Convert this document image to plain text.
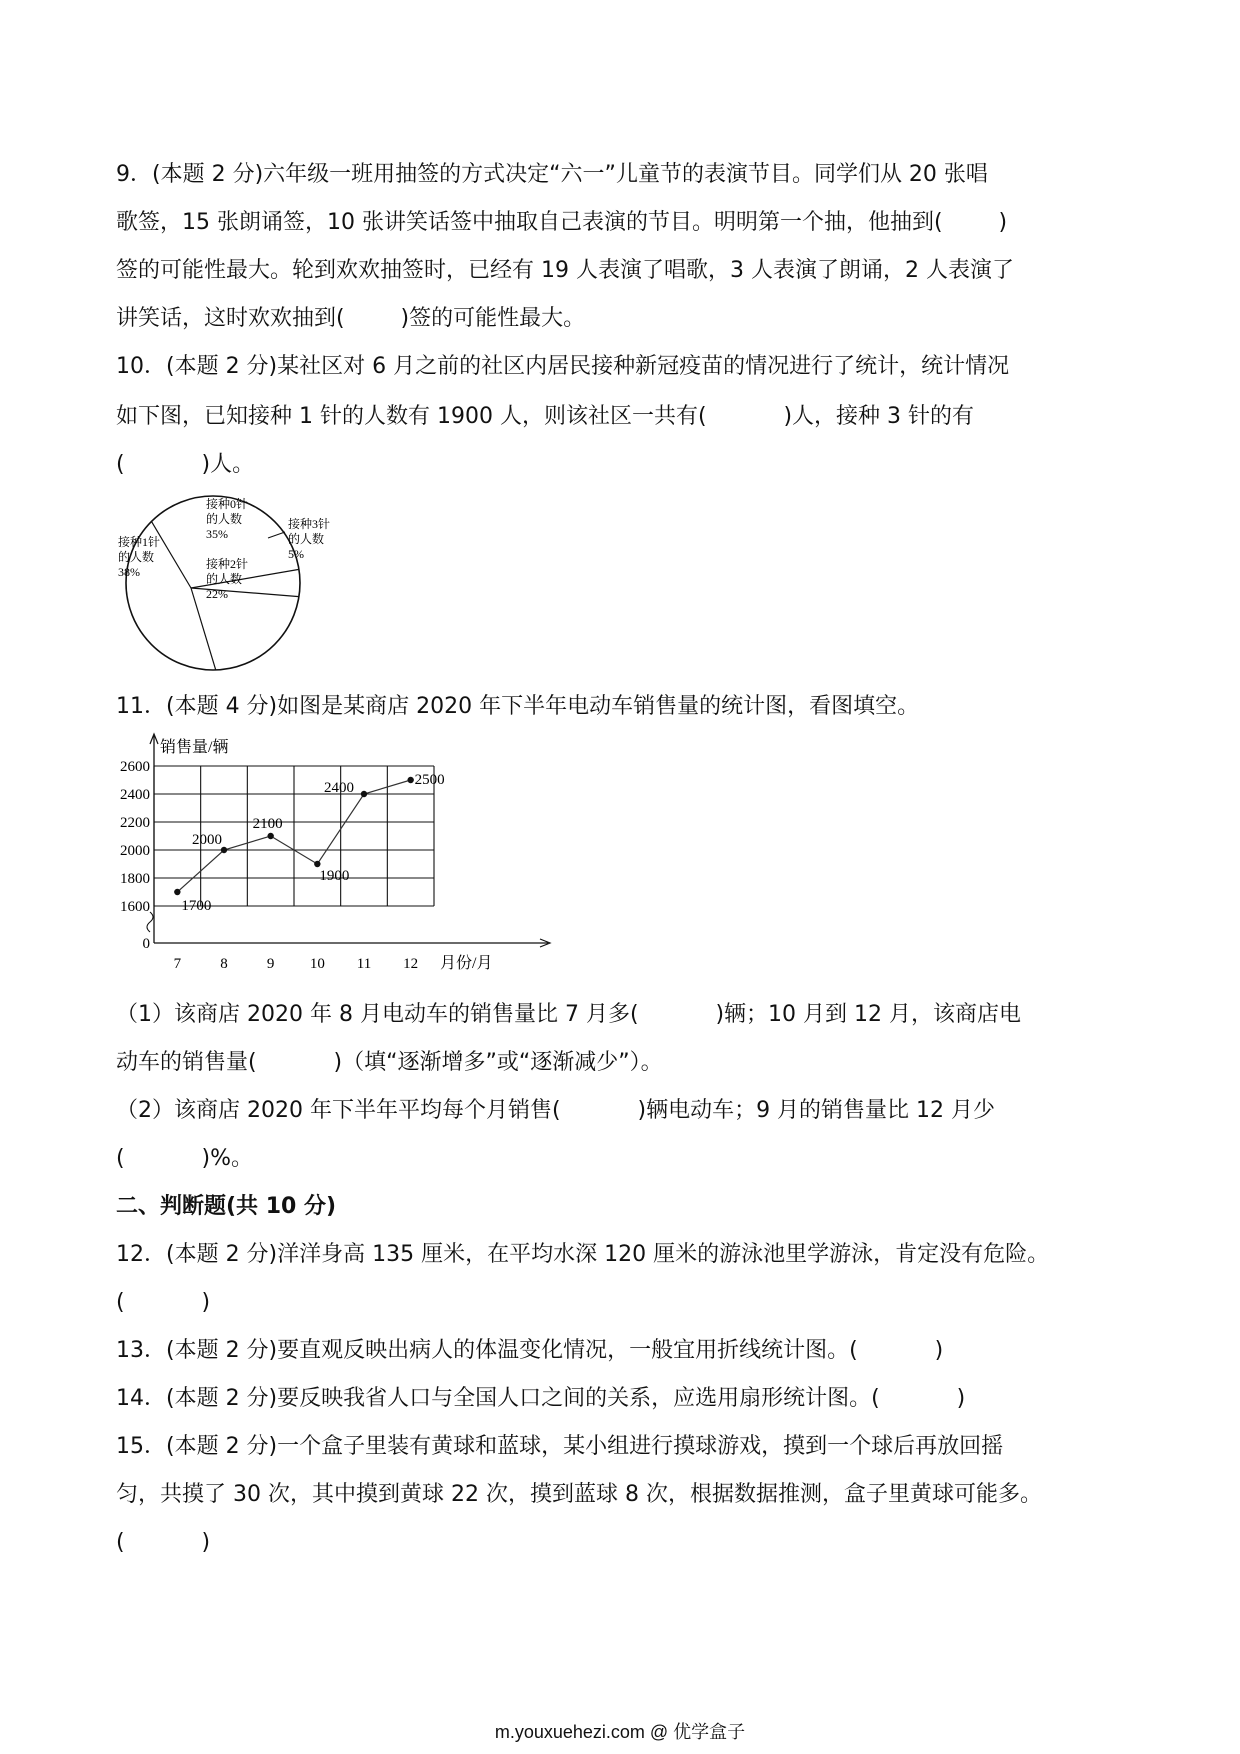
9．(本题 2 分)六年级一班用抽签的方式决定“六一”儿童节的表演节目。同学们从 20 张唱
歌签，15 张朗诵签，10 张讲笑话签中抽取自己表演的节目。明明第一个抽，他抽到(        )
签的可能性最大。轮到欢欢抽签时，已经有 19 人表演了唱歌，3 人表演了朗诵，2 人表演了
讲笑话，这时欢欢抽到(        )签的可能性最大。
10．(本题 2 分)某社区对 6 月之前的社区内居民接种新冠疫苗的情况进行了统计，统计情况
如下图，已知接种 1 针的人数有 1900 人，则该社区一共有(           )人，接种 3 针的有
(           )人。
接种0针
的人数
35%
接种3针
的人数
5%
接种2针
的人数
22%
接种1针
的人数
38%
11．(本题 4 分)如图是某商店 2020 年下半年电动车销售量的统计图，看图填空。
销售量/辆
月份/月
0
1600
1800
2000
2200
2400
2600
7	8	9 10 11 12
1700
2000
2100
1900
2400	2500
（1）该商店 2020 年 8 月电动车的销售量比 7 月多(           )辆；10 月到 12 月，该商店电
动车的销售量(           )（填“逐渐增多”或“逐渐减少”）。
（2）该商店 2020 年下半年平均每个月销售(           )辆电动车；9 月的销售量比 12 月少
(           )%。
二、判断题(共 10 分)
12．(本题 2 分)洋洋身高 135 厘米，在平均水深 120 厘米的游泳池里学游泳，肯定没有危险。
(           )
13．(本题 2 分)要直观反映出病人的体温变化情况，一般宜用折线统计图。(           )
14．(本题 2 分)要反映我省人口与全国人口之间的关系，应选用扇形统计图。(           )
15．(本题 2 分)一个盒子里装有黄球和蓝球，某小组进行摸球游戏，摸到一个球后再放回摇
匀，共摸了 30 次，其中摸到黄球 22 次，摸到蓝球 8 次，根据数据推测，盒子里黄球可能多。
(           )
m.youxuehezi.com @ 优学盒子
